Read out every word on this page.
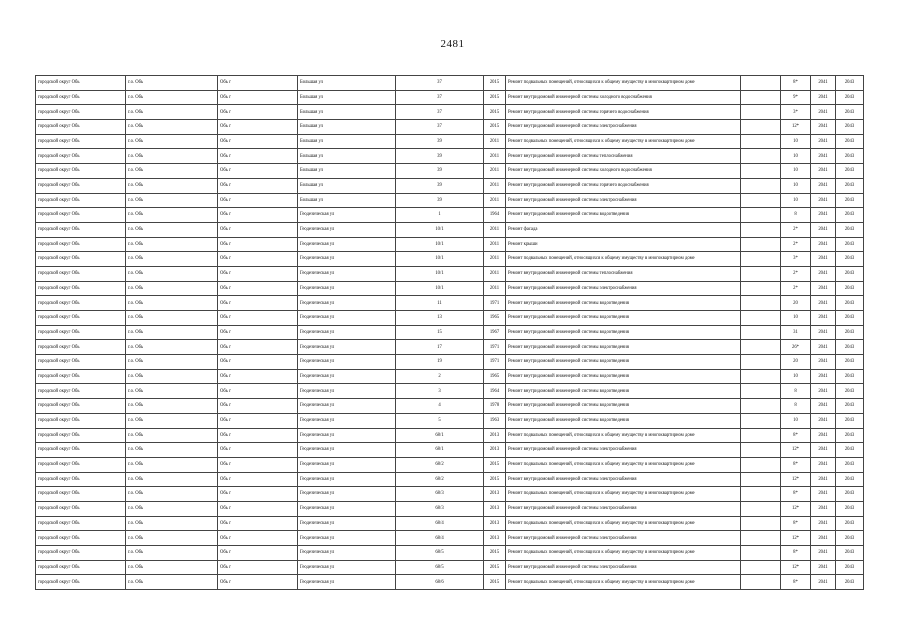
2481
городской округ Обь	г.о. Обь	Обь г	Большая ул	37	2015	Ремонт подвальных помещений, относящихся к общему имуществу в многоквартирном доме		8*	2041	2043
городской округ Обь	г.о. Обь	Обь г	Большая ул	37	2015	Ремонт внутридомовой инженерной системы холодного водоснабжения		9*	2041	2043
городской округ Обь	г.о. Обь	Обь г	Большая ул	37	2015	Ремонт внутридомовой инженерной системы горячего водоснабжения		3*	2041	2043
городской округ Обь	г.о. Обь	Обь г	Большая ул	37	2015	Ремонт внутридомовой инженерной системы электроснабжения		12*	2041	2043
городской округ Обь	г.о. Обь	Обь г	Большая ул	39	2011	Ремонт подвальных помещений, относящихся к общему имуществу в многоквартирном доме		10	2041	2043
городской округ Обь	г.о. Обь	Обь г	Большая ул	39	2011	Ремонт внутридомовой инженерной системы теплоснабжения		10	2041	2043
городской округ Обь	г.о. Обь	Обь г	Большая ул	39	2011	Ремонт внутридомовой инженерной системы холодного водоснабжения		10	2041	2043
городской округ Обь	г.о. Обь	Обь г	Большая ул	39	2011	Ремонт внутридомовой инженерной системы горячего водоснабжения		10	2041	2043
городской округ Обь	г.о. Обь	Обь г	Большая ул	39	2011	Ремонт внутридомовой инженерной системы электроснабжения		10	2041	2043
городской округ Обь	г.о. Обь	Обь г	Геодезическая ул	1	1964	Ремонт внутридомовой инженерной системы водоотведения		8	2041	2043
городской округ Обь	г.о. Обь	Обь г	Геодезическая ул	10/1	2011	Ремонт фасада		2*	2041	2043
городской округ Обь	г.о. Обь	Обь г	Геодезическая ул	10/1	2011	Ремонт крыши		2*	2041	2043
городской округ Обь	г.о. Обь	Обь г	Геодезическая ул	10/1	2011	Ремонт подвальных помещений, относящихся к общему имуществу в многоквартирном доме		3*	2041	2043
городской округ Обь	г.о. Обь	Обь г	Геодезическая ул	10/1	2011	Ремонт внутридомовой инженерной системы теплоснабжения		2*	2041	2043
городской округ Обь	г.о. Обь	Обь г	Геодезическая ул	10/1	2011	Ремонт внутридомовой инженерной системы электроснабжения		2*	2041	2043
городской округ Обь	г.о. Обь	Обь г	Геодезическая ул	11	1971	Ремонт внутридомовой инженерной системы водоотведения		20	2041	2043
городской округ Обь	г.о. Обь	Обь г	Геодезическая ул	13	1965	Ремонт внутридомовой инженерной системы водоотведения		10	2041	2043
городской округ Обь	г.о. Обь	Обь г	Геодезическая ул	15	1967	Ремонт внутридомовой инженерной системы водоотведения		31	2041	2043
городской округ Обь	г.о. Обь	Обь г	Геодезическая ул	17	1971	Ремонт внутридомовой инженерной системы водоотведения		26*	2041	2043
городской округ Обь	г.о. Обь	Обь г	Геодезическая ул	19	1971	Ремонт внутридомовой инженерной системы водоотведения		20	2041	2043
городской округ Обь	г.о. Обь	Обь г	Геодезическая ул	2	1965	Ремонт внутридомовой инженерной системы водоотведения		10	2041	2043
городской округ Обь	г.о. Обь	Обь г	Геодезическая ул	3	1964	Ремонт внутридомовой инженерной системы водоотведения		8	2041	2043
городской округ Обь	г.о. Обь	Обь г	Геодезическая ул	4	1978	Ремонт внутридомовой инженерной системы водоотведения		8	2041	2043
городской округ Обь	г.о. Обь	Обь г	Геодезическая ул	5	1963	Ремонт внутридомовой инженерной системы водоотведения		10	2041	2043
городской округ Обь	г.о. Обь	Обь г	Геодезическая ул	68/1	2013	Ремонт подвальных помещений, относящихся к общему имуществу в многоквартирном доме		8*	2041	2043
городской округ Обь	г.о. Обь	Обь г	Геодезическая ул	68/1	2013	Ремонт внутридомовой инженерной системы электроснабжения		12*	2041	2043
городской округ Обь	г.о. Обь	Обь г	Геодезическая ул	68/2	2015	Ремонт подвальных помещений, относящихся к общему имуществу в многоквартирном доме		8*	2041	2043
городской округ Обь	г.о. Обь	Обь г	Геодезическая ул	68/2	2015	Ремонт внутридомовой инженерной системы электроснабжения		12*	2041	2043
городской округ Обь	г.о. Обь	Обь г	Геодезическая ул	68/3	2013	Ремонт подвальных помещений, относящихся к общему имуществу в многоквартирном доме		8*	2041	2043
городской округ Обь	г.о. Обь	Обь г	Геодезическая ул	68/3	2013	Ремонт внутридомовой инженерной системы электроснабжения		12*	2041	2043
городской округ Обь	г.о. Обь	Обь г	Геодезическая ул	68/4	2013	Ремонт подвальных помещений, относящихся к общему имуществу в многоквартирном доме		8*	2041	2043
городской округ Обь	г.о. Обь	Обь г	Геодезическая ул	68/4	2013	Ремонт внутридомовой инженерной системы электроснабжения		12*	2041	2043
городской округ Обь	г.о. Обь	Обь г	Геодезическая ул	68/5	2015	Ремонт подвальных помещений, относящихся к общему имуществу в многоквартирном доме		8*	2041	2043
городской округ Обь	г.о. Обь	Обь г	Геодезическая ул	68/5	2015	Ремонт внутридомовой инженерной системы электроснабжения		12*	2041	2043
городской округ Обь	г.о. Обь	Обь г	Геодезическая ул	68/6	2015	Ремонт подвальных помещений, относящихся к общему имуществу в многоквартирном доме		8*	2041	2043
